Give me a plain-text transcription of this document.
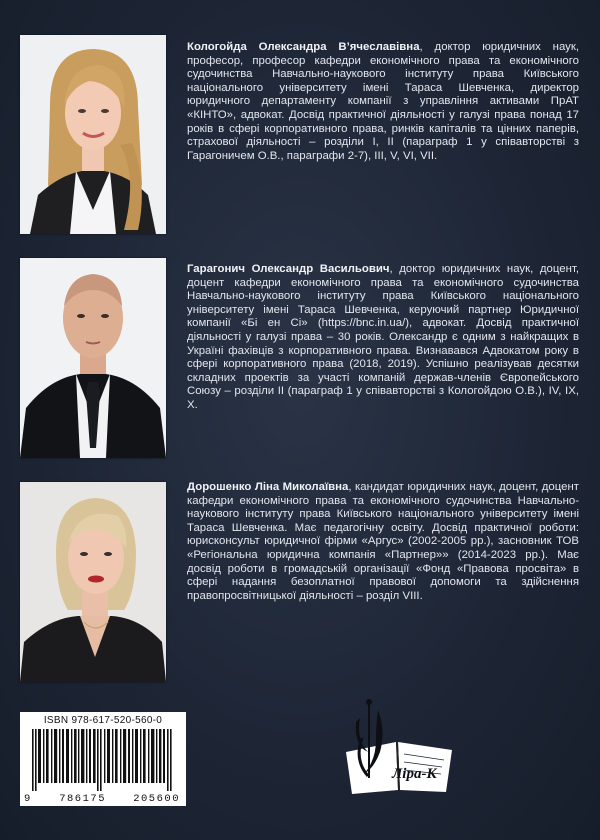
Кологойда Олександра В’ячеславівна, доктор юридичних наук, професор, професор кафедри економічного права та економічного судочинства Навчально-наукового інституту права Київського національного університету імені Тараса Шевченка, директор юридичного департаменту компанії з управління активами ПрАТ «КІНТО», адвокат. Досвід практичної діяльності у галузі права понад 17 років в сфері корпоративного права, ринків капіталів та цінних паперів, страхової діяльності – розділи I, II (параграф 1 у співавторстві з Гарагоничем О.В., параграфи 2-7), III, V, VI, VII.
Гарагонич Олександр Васильович, доктор юридичних наук, доцент, доцент кафедри економічного права та економічного судочинства Навчально-наукового інституту права Київського національного університету імені Тараса Шевченка, керуючий партнер Юридичної компанії «Бі ен Сі» (https://bnc.in.ua/), адвокат. Досвід практичної діяльності у галузі права – 30 років. Олександр є одним з найкращих в Україні фахівців з корпоративного права. Визнавався Адвокатом року в сфері корпоративного права (2018, 2019). Успішно реалізував десятки складних проектів за участі компаній держав-членів Європейського Союзу – розділи II (параграф 1 у співавторстві з Кологойдою О.В.), IV, IX, X.
Дорошенко Ліна Миколаївна, кандидат юридичних наук, доцент, доцент кафедри економічного права та економічного судочинства Навчально-наукового інституту права Київського національного університету імені Тараса Шевченка. Має педагогічну освіту. Досвід практичної роботи: юрисконсульт юридичної фірми «Аргус» (2002-2005 рр.), засновник ТОВ «Регіональна юридична компанія «Партнер»» (2014-2023 рр.). Має досвід роботи в громадській організації «Фонд «Правова просвіта» в сфері надання безоплатної правової допомоги та здійснення правопросвітницької діяльності – розділ VIII.
ISBN 978-617-520-560-0
9	786175	205600
Ліра-К
